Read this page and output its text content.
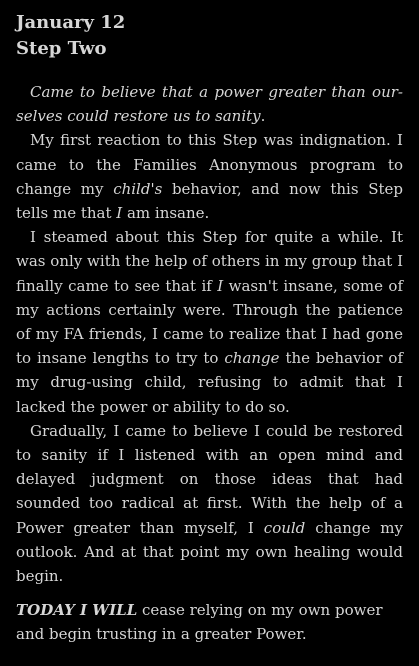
January 12
Step Two

Came to believe that a power greater than our-selves could restore us to sanity.

My first reaction to this Step was indignation. I came to the Families Anonymous program to change my child's behavior, and now this Step tells me that I am insane.

I steamed about this Step for quite a while. It was only with the help of others in my group that I finally came to see that if I wasn't insane, some of my actions certainly were. Through the patience of my FA friends, I came to realize that I had gone to insane lengths to try to change the behavior of my drug-using child, refusing to admit that I lacked the power or ability to do so.

Gradually, I came to believe I could be restored to sanity if I listened with an open mind and delayed judgment on those ideas that had sounded too radical at first. With the help of a Power greater than myself, I could change my outlook. And at that point my own healing would begin.

TODAY I WILL cease relying on my own power and begin trusting in a greater Power.
